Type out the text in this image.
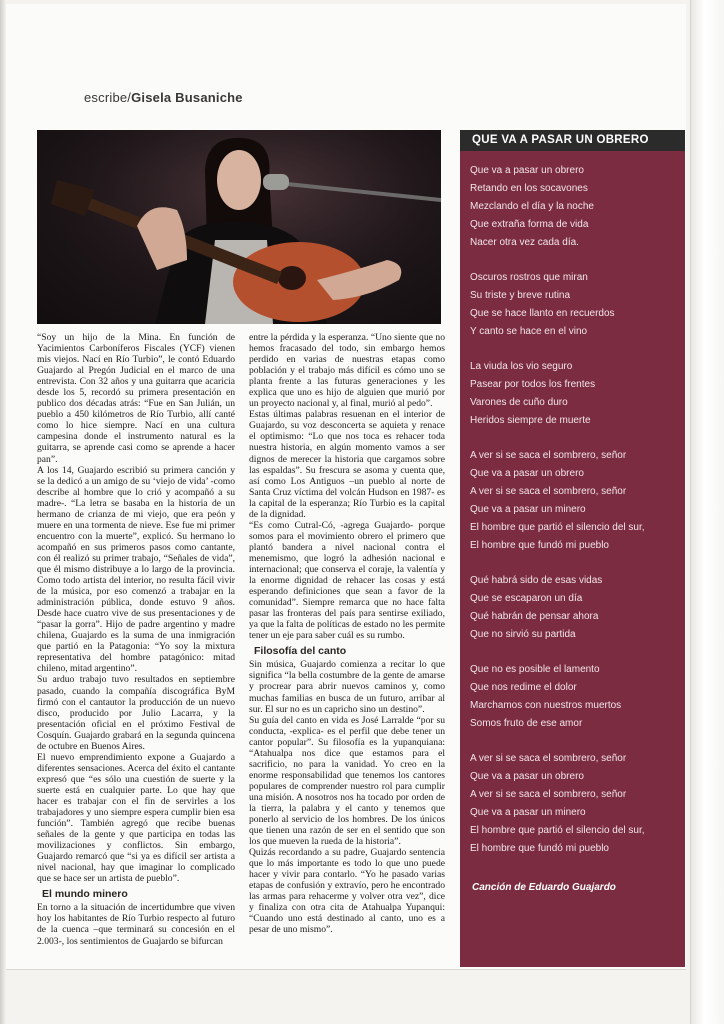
escribe/Gisela Busaniche

“Soy un hijo de la Mina. En función de Yacimientos Carboníferos Fiscales (YCF) vienen mis viejos. Nací en Río Turbio”, le contó Eduardo Guajardo al Pregón Judicial en el marco de una entrevista. Con 32 años y una guitarra que acaricia desde los 5, recordó su primera presentación en publico dos décadas atrás: “Fue en San Julián, un pueblo a 450 kilómetros de Río Turbio, allí canté como lo hice siempre. Nací en una cultura campesina donde el instrumento natural es la guitarra, se aprende casi como se aprende a hacer pan”.

A los 14, Guajardo escribió su primera canción y se la dedicó a un amigo de su ‘viejo de vida’ -como describe al hombre que lo crió y acompañó a su madre-. “La letra se basaba en la historia de un hermano de crianza de mi viejo, que era peón y muere en una tormenta de nieve. Ese fue mi primer encuentro con la muerte”, explicó. Su hermano lo acompañó en sus primeros pasos como cantante, con él realizó su primer trabajo, “Señales de vida”, que él mismo distribuye a lo largo de la provincia. Como todo artista del interior, no resulta fácil vivir de la música, por eso comenzó a trabajar en la administración pública, donde estuvo 9 años. Desde hace cuatro vive de sus presentaciones y de “pasar la gorra”. Hijo de padre argentino y madre chilena, Guajardo es la suma de una inmigración que partió en la Patagonia: “Yo soy la mixtura representativa del hombre patagónico: mitad chileno, mitad argentino”.

Su arduo trabajo tuvo resultados en septiembre pasado, cuando la compañía discográfica ByM firmó con el cantautor la producción de un nuevo disco, producido por Julio Lacarra, y la presentación oficial en el próximo Festival de Cosquín. Guajardo grabará en la segunda quincena de octubre en Buenos Aires.

El nuevo emprendimiento expone a Guajardo a diferentes sensaciones. Acerca del éxito el cantante expresó que “es sólo una cuestión de suerte y la suerte está en cualquier parte. Lo que hay que hacer es trabajar con el fin de servirles a los trabajadores y uno siempre espera cumplir bien esa función”. También agregó que recibe buenas señales de la gente y que participa en todas las movilizaciones y conflictos. Sin embargo, Guajardo remarcó que “si ya es difícil ser artista a nivel nacional, hay que imaginar lo complicado que se hace ser un artista de pueblo”.

El mundo minero

En torno a la situación de incertidumbre que viven hoy los habitantes de Río Turbio respecto al futuro de la cuenca –que terminará su concesión en el 2.003-, los sentimientos de Guajardo se bifurcan

entre la pérdida y la esperanza. “Uno siente que no hemos fracasado del todo, sin embargo hemos perdido en varias de nuestras etapas como población y el trabajo más difícil es cómo uno se planta frente a las futuras generaciones y les explica que uno es hijo de alguien que murió por un proyecto nacional y, al final, murió al pedo”.

Estas últimas palabras resuenan en el interior de Guajardo, su voz desconcerta se aquieta y renace el optimismo: “Lo que nos toca es rehacer toda nuestra historia, en algún momento vamos a ser dignos de merecer la historia que cargamos sobre las espaldas”. Su frescura se asoma y cuenta que, así como Los Antiguos –un pueblo al norte de Santa Cruz víctima del volcán Hudson en 1987- es la capital de la esperanza; Río Turbio es la capital de la dignidad.

“Es como Cutral-Có, -agrega Guajardo- porque somos para el movimiento obrero el primero que plantó bandera a nivel nacional contra el menemismo, que logró la adhesión nacional e internacional; que conserva el coraje, la valentía y la enorme dignidad de rehacer las cosas y está esperando definiciones que sean a favor de la comunidad”. Siempre remarca que no hace falta pasar las fronteras del país para sentirse exiliado, ya que la falta de políticas de estado no les permite tener un eje para saber cuál es su rumbo.

Filosofía del canto

Sin música, Guajardo comienza a recitar lo que significa “la bella costumbre de la gente de amarse y procrear para abrir nuevos caminos y, como muchas familias en busca de un futuro, arribar al sur. El sur no es un capricho sino un destino”.

Su guía del canto en vida es José Larralde “por su conducta, -explica- es el perfil que debe tener un cantor popular”. Su filosofía es la yupanquiana: “Atahualpa nos dice que estamos para el sacrificio, no para la vanidad. Yo creo en la enorme responsabilidad que tenemos los cantores populares de comprender nuestro rol para cumplir una misión. A nosotros nos ha tocado por orden de la tierra, la palabra y el canto y tenemos que ponerlo al servicio de los hombres. De los únicos que tienen una razón de ser en el sentido que son los que mueven la rueda de la historia”.

Quizás recordando a su padre, Guajardo sentencia que lo más importante es todo lo que uno puede hacer y vivir para contarlo. “Yo he pasado varias etapas de confusión y extravío, pero he encontrado las armas para rehacerme y volver otra vez”, dice y finaliza con otra cita de Atahualpa Yupanqui: “Cuando uno está destinado al canto, uno es a pesar de uno mismo”.

QUE VA A PASAR UN OBRERO
Que va a pasar un obrero
Retando en los socavones
Mezclando el día y la noche
Que extraña forma de vida
Nacer otra vez cada día.
Oscuros rostros que miran
Su triste y breve rutina
Que se hace llanto en recuerdos
Y canto se hace en el vino
La viuda los vio seguro
Pasear por todos los frentes
Varones de cuño duro
Heridos siempre de muerte
A ver si se saca el sombrero, señor
Que va a pasar un obrero
A ver si se saca el sombrero, señor
Que va a pasar un minero
El hombre que partió el silencio del sur,
El hombre que fundó mi pueblo
Qué habrá sido de esas vidas
Que se escaparon un día
Qué habrán de pensar ahora
Que no sirvió su partida
Que no es posible el lamento
Que nos redime el dolor
Marchamos con nuestros muertos
Somos fruto de ese amor
A ver si se saca el sombrero, señor
Que va a pasar un obrero
A ver si se saca el sombrero, señor
Que va a pasar un minero
El hombre que partió el silencio del sur,
El hombre que fundó mi pueblo
Canción de Eduardo Guajardo
